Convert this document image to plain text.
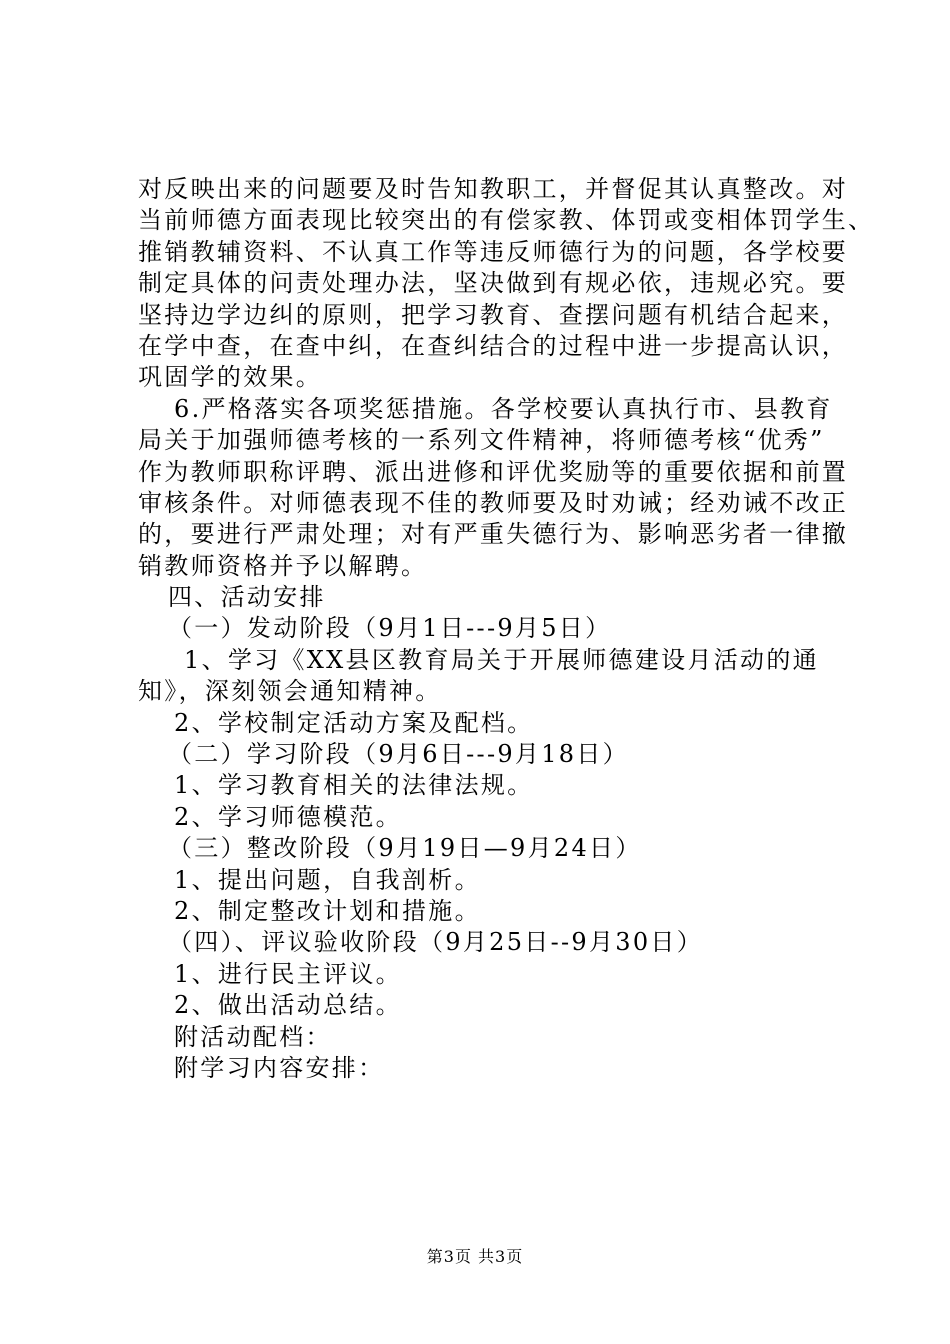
对反映出来的问题要及时告知教职工，并督促其认真整改。对
当前师德方面表现比较突出的有偿家教、体罚或变相体罚学生、
推销教辅资料、不认真工作等违反师德行为的问题，各学校要
制定具体的问责处理办法，坚决做到有规必依，违规必究。要
坚持边学边纠的原则，把学习教育、查摆问题有机结合起来，
在学中查，在查中纠，在查纠结合的过程中进一步提高认识，
巩固学的效果。
6.严格落实各项奖惩措施。各学校要认真执行市、县教育
局关于加强师德考核的一系列文件精神，将师德考核“优秀”
作为教师职称评聘、派出进修和评优奖励等的重要依据和前置
审核条件。对师德表现不佳的教师要及时劝诫；经劝诫不改正
的，要进行严肃处理；对有严重失德行为、影响恶劣者一律撤
销教师资格并予以解聘。
四、活动安排
（一）发动阶段（9月1日---9月5日）
1、学习《XX县区教育局关于开展师德建设月活动的通
知》，深刻领会通知精神。
2、学校制定活动方案及配档。
（二）学习阶段（9月6日---9月18日）
1、学习教育相关的法律法规。
2、学习师德模范。
（三）整改阶段（9月19日—9月24日）
1、提出问题，自我剖析。
2、制定整改计划和措施。
（四）、评议验收阶段（9月25日--9月30日）
1、进行民主评议。
2、做出活动总结。
附活动配档：
附学习内容安排：
第3页 共3页
